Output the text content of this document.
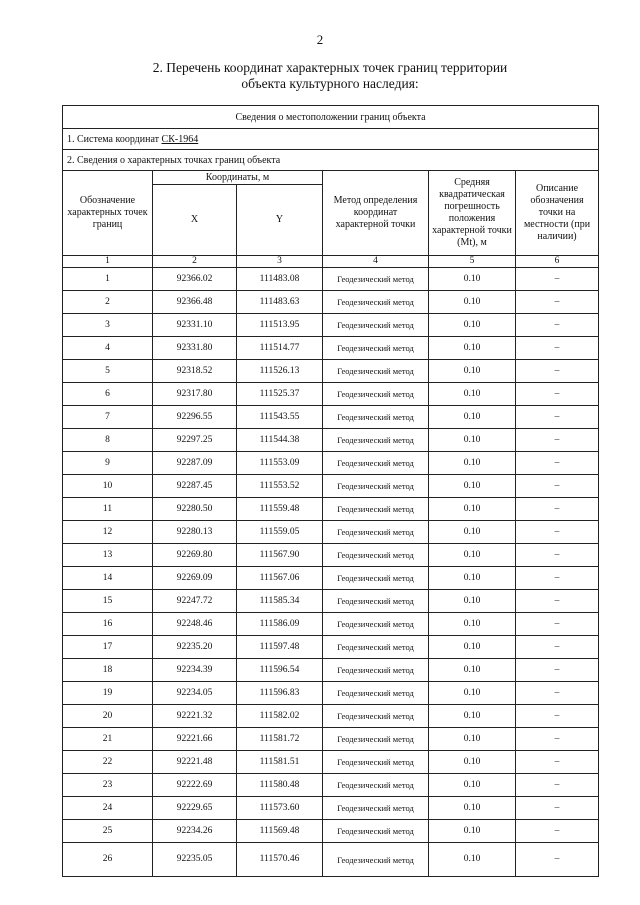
2
2. Перечень координат характерных точек границ территории
объекта культурного наследия:
Сведения о местоположении границ объекта					
1. Система координат СК-1964					
2. Сведения о характерных точках границ объекта					
Обозначение характерных точек границ	Координаты, м		Метод определения координат характерной точки	Средняя квадратическая погрешность положения характерной точки (Mt), м	Описание обозначения точки на местности (при наличии)
	X	Y			
1	2	3	4	5	6
1	92366.02	111483.08	Геодезический метод	0.10	–
2	92366.48	111483.63	Геодезический метод	0.10	–
3	92331.10	111513.95	Геодезический метод	0.10	–
4	92331.80	111514.77	Геодезический метод	0.10	–
5	92318.52	111526.13	Геодезический метод	0.10	–
6	92317.80	111525.37	Геодезический метод	0.10	–
7	92296.55	111543.55	Геодезический метод	0.10	–
8	92297.25	111544.38	Геодезический метод	0.10	–
9	92287.09	111553.09	Геодезический метод	0.10	–
10	92287.45	111553.52	Геодезический метод	0.10	–
11	92280.50	111559.48	Геодезический метод	0.10	–
12	92280.13	111559.05	Геодезический метод	0.10	–
13	92269.80	111567.90	Геодезический метод	0.10	–
14	92269.09	111567.06	Геодезический метод	0.10	–
15	92247.72	111585.34	Геодезический метод	0.10	–
16	92248.46	111586.09	Геодезический метод	0.10	–
17	92235.20	111597.48	Геодезический метод	0.10	–
18	92234.39	111596.54	Геодезический метод	0.10	–
19	92234.05	111596.83	Геодезический метод	0.10	–
20	92221.32	111582.02	Геодезический метод	0.10	–
21	92221.66	111581.72	Геодезический метод	0.10	–
22	92221.48	111581.51	Геодезический метод	0.10	–
23	92222.69	111580.48	Геодезический метод	0.10	–
24	92229.65	111573.60	Геодезический метод	0.10	–
25	92234.26	111569.48	Геодезический метод	0.10	–
26	92235.05	111570.46	Геодезический метод	0.10	–
